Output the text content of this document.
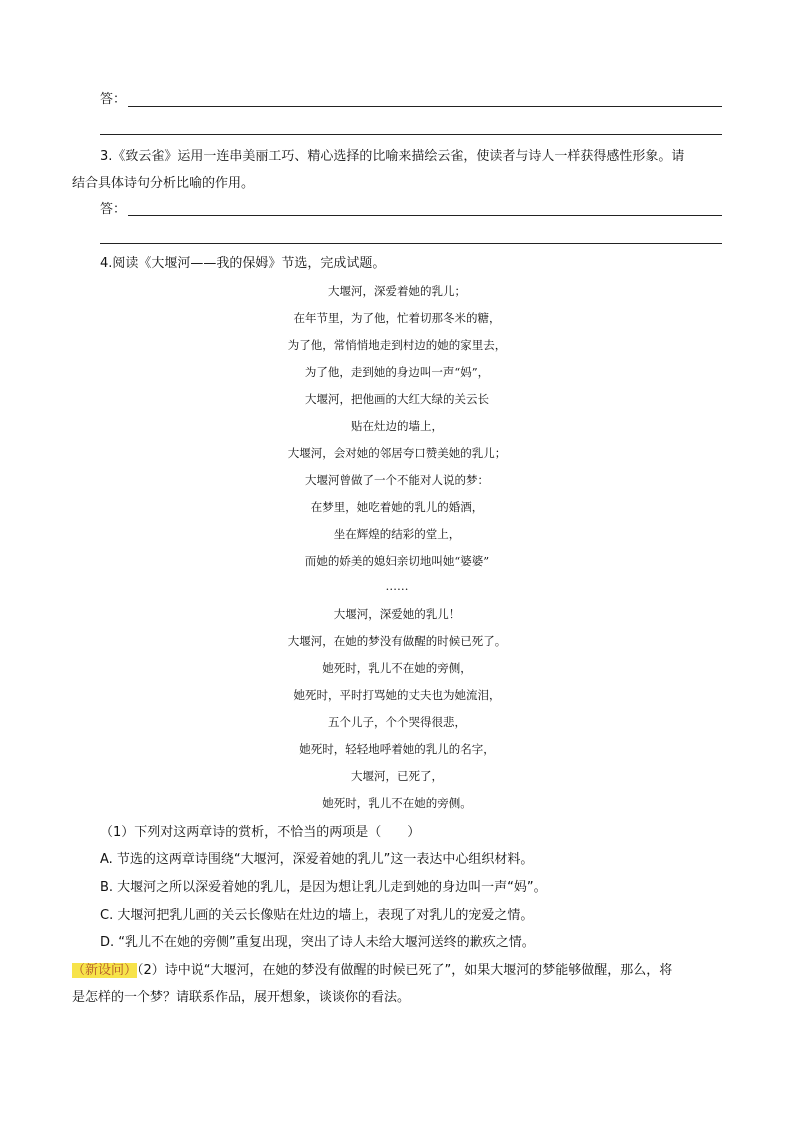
答：
3.《致云雀》运用一连串美丽工巧、精心选择的比喻来描绘云雀，使读者与诗人一样获得感性形象。请
结合具体诗句分析比喻的作用。
答：
4.阅读《大堰河——我的保姆》节选，完成试题。
大堰河，深爱着她的乳儿；
在年节里，为了他，忙着切那冬米的糖，
为了他，常悄悄地走到村边的她的家里去，
为了他，走到她的身边叫一声“妈”，
大堰河，把他画的大红大绿的关云长
贴在灶边的墙上，
大堰河，会对她的邻居夸口赞美她的乳儿；
大堰河曾做了一个不能对人说的梦：
在梦里，她吃着她的乳儿的婚酒，
坐在辉煌的结彩的堂上，
而她的娇美的媳妇亲切地叫她“婆婆”
……
大堰河，深爱她的乳儿！
大堰河，在她的梦没有做醒的时候已死了。
她死时，乳儿不在她的旁侧，
她死时，平时打骂她的丈夫也为她流泪，
五个儿子，个个哭得很悲，
她死时，轻轻地呼着她的乳儿的名字，
大堰河，已死了，
她死时，乳儿不在她的旁侧。
（1）下列对这两章诗的赏析，不恰当的两项是（　　）
A. 节选的这两章诗围绕“大堰河，深爱着她的乳儿”这一表达中心组织材料。
B. 大堰河之所以深爱着她的乳儿，是因为想让乳儿走到她的身边叫一声“妈”。
C. 大堰河把乳儿画的关云长像贴在灶边的墙上，表现了对乳儿的宠爱之情。
D. “乳儿不在她的旁侧”重复出现，突出了诗人未给大堰河送终的歉疚之情。
（新设问）（2）诗中说“大堰河，在她的梦没有做醒的时候已死了”，如果大堰河的梦能够做醒，那么，将
是怎样的一个梦？请联系作品，展开想象，谈谈你的看法。
